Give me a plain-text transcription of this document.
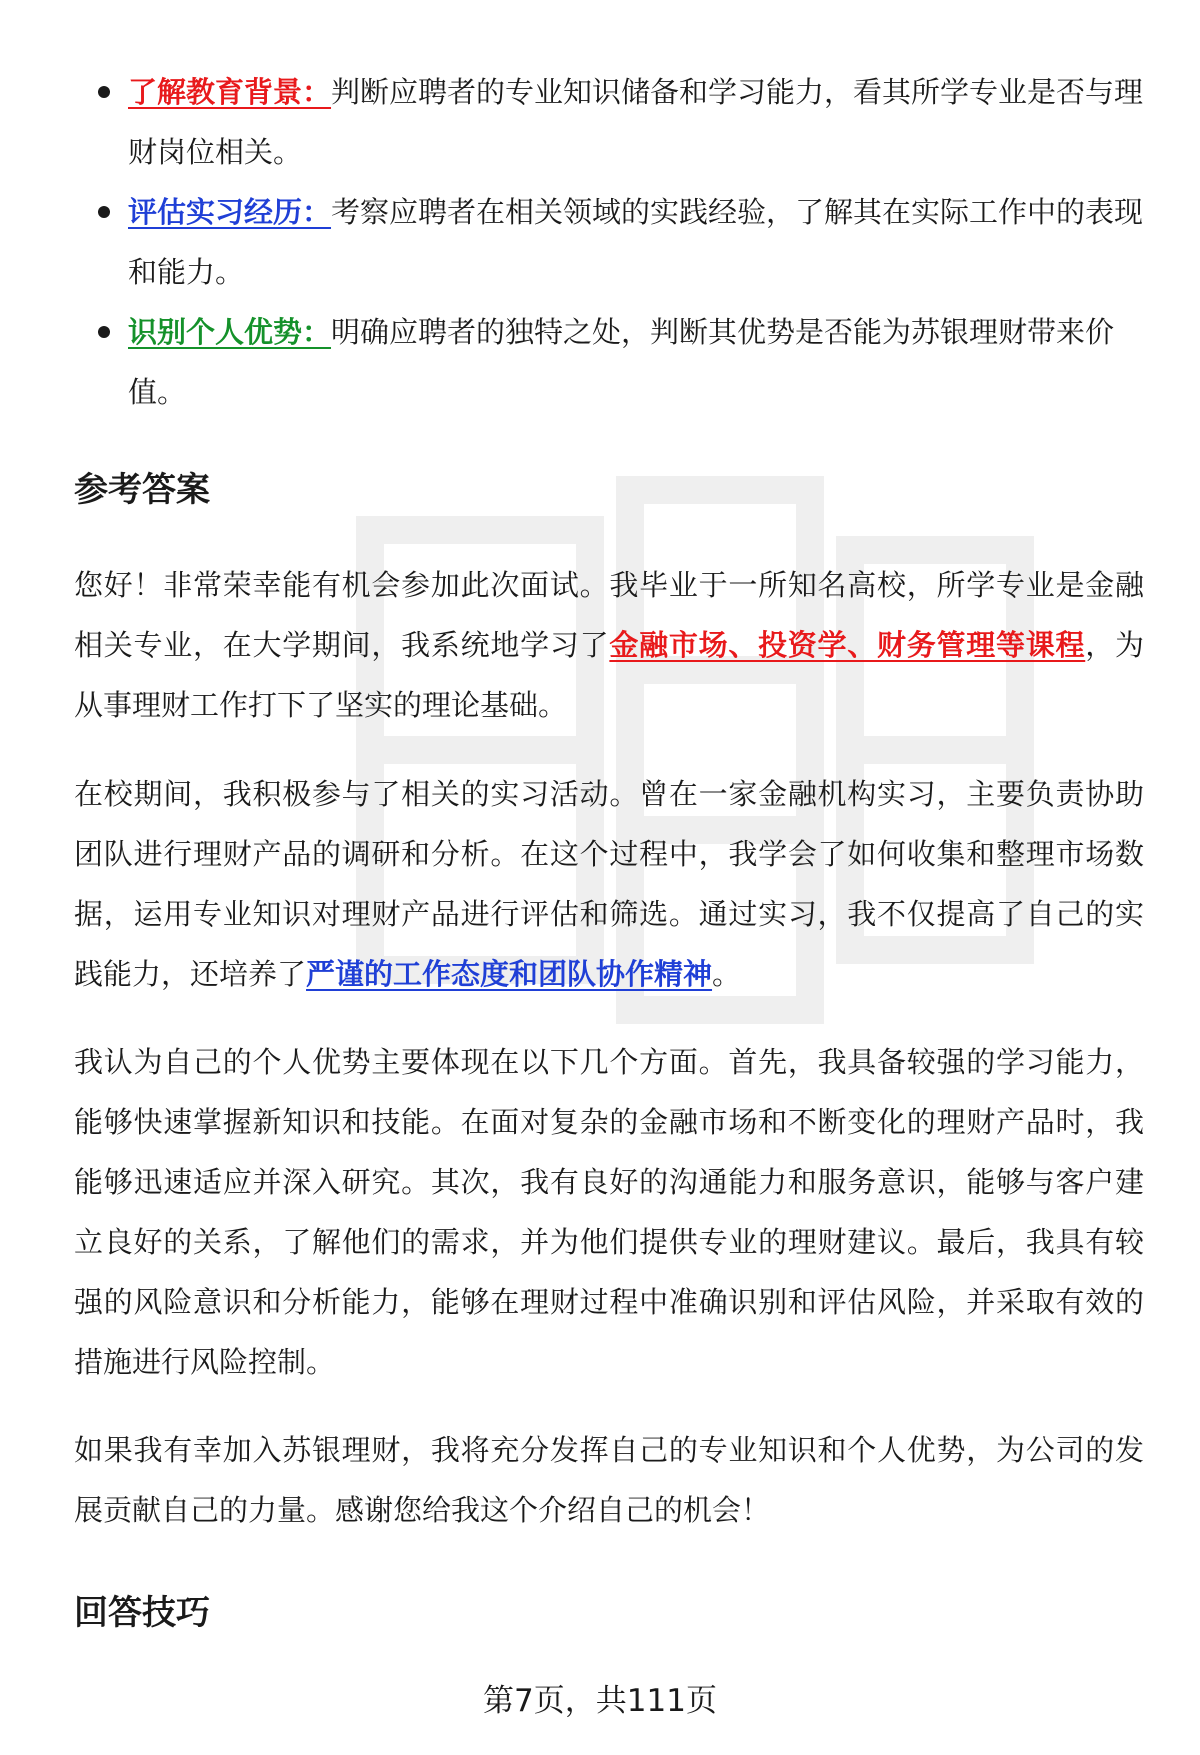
了解教育背景：判断应聘者的专业知识储备和学习能力，看其所学专业是否与理财岗位相关。
评估实习经历：考察应聘者在相关领域的实践经验，了解其在实际工作中的表现和能力。
识别个人优势：明确应聘者的独特之处，判断其优势是否能为苏银理财带来价值。
参考答案

您好！非常荣幸能有机会参加此次面试。我毕业于一所知名高校，所学专业是金融相关专业，在大学期间，我系统地学习了金融市场、投资学、财务管理等课程，为从事理财工作打下了坚实的理论基础。

在校期间，我积极参与了相关的实习活动。曾在一家金融机构实习，主要负责协助团队进行理财产品的调研和分析。在这个过程中，我学会了如何收集和整理市场数据，运用专业知识对理财产品进行评估和筛选。通过实习，我不仅提高了自己的实践能力，还培养了严谨的工作态度和团队协作精神。

我认为自己的个人优势主要体现在以下几个方面。首先，我具备较强的学习能力，能够快速掌握新知识和技能。在面对复杂的金融市场和不断变化的理财产品时，我能够迅速适应并深入研究。其次，我有良好的沟通能力和服务意识，能够与客户建立良好的关系，了解他们的需求，并为他们提供专业的理财建议。最后，我具有较强的风险意识和分析能力，能够在理财过程中准确识别和评估风险，并采取有效的措施进行风险控制。

如果我有幸加入苏银理财，我将充分发挥自己的专业知识和个人优势，为公司的发展贡献自己的力量。感谢您给我这个介绍自己的机会！

回答技巧
第7页，共111页
